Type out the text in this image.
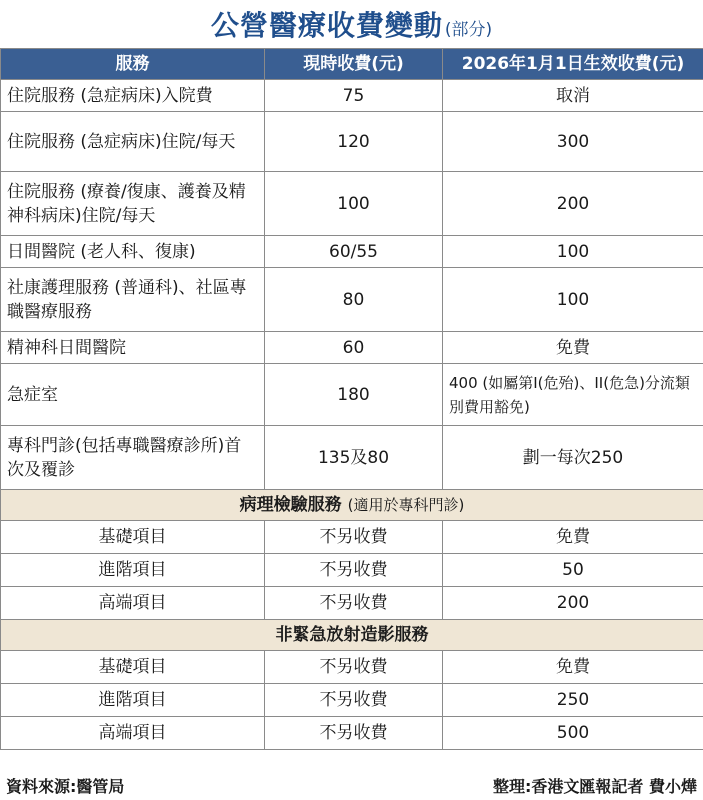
公營醫療收費變動 (部分)
服務	現時收費(元)	2026年1月1日生效收費(元)
住院服務 (急症病床)入院費	75	取消
住院服務 (急症病床)住院/每天	120	300
住院服務 (療養/復康、護養及精神科病床)住院/每天	100	200
日間醫院 (老人科、復康)	60/55	100
社康護理服務 (普通科)、社區專職醫療服務	80	100
精神科日間醫院	60	免費
急症室	180	400 (如屬第I(危殆)、II(危急)分流類別費用豁免)
專科門診(包括專職醫療診所)首次及覆診	135及80	劃一每次250
病理檢驗服務 (適用於專科門診)		
基礎項目	不另收費	免費
進階項目	不另收費	50
高端項目	不另收費	200
非緊急放射造影服務		
基礎項目	不另收費	免費
進階項目	不另收費	250
高端項目	不另收費	500
資料來源:醫管局	整理:香港文匯報記者 費小燁
